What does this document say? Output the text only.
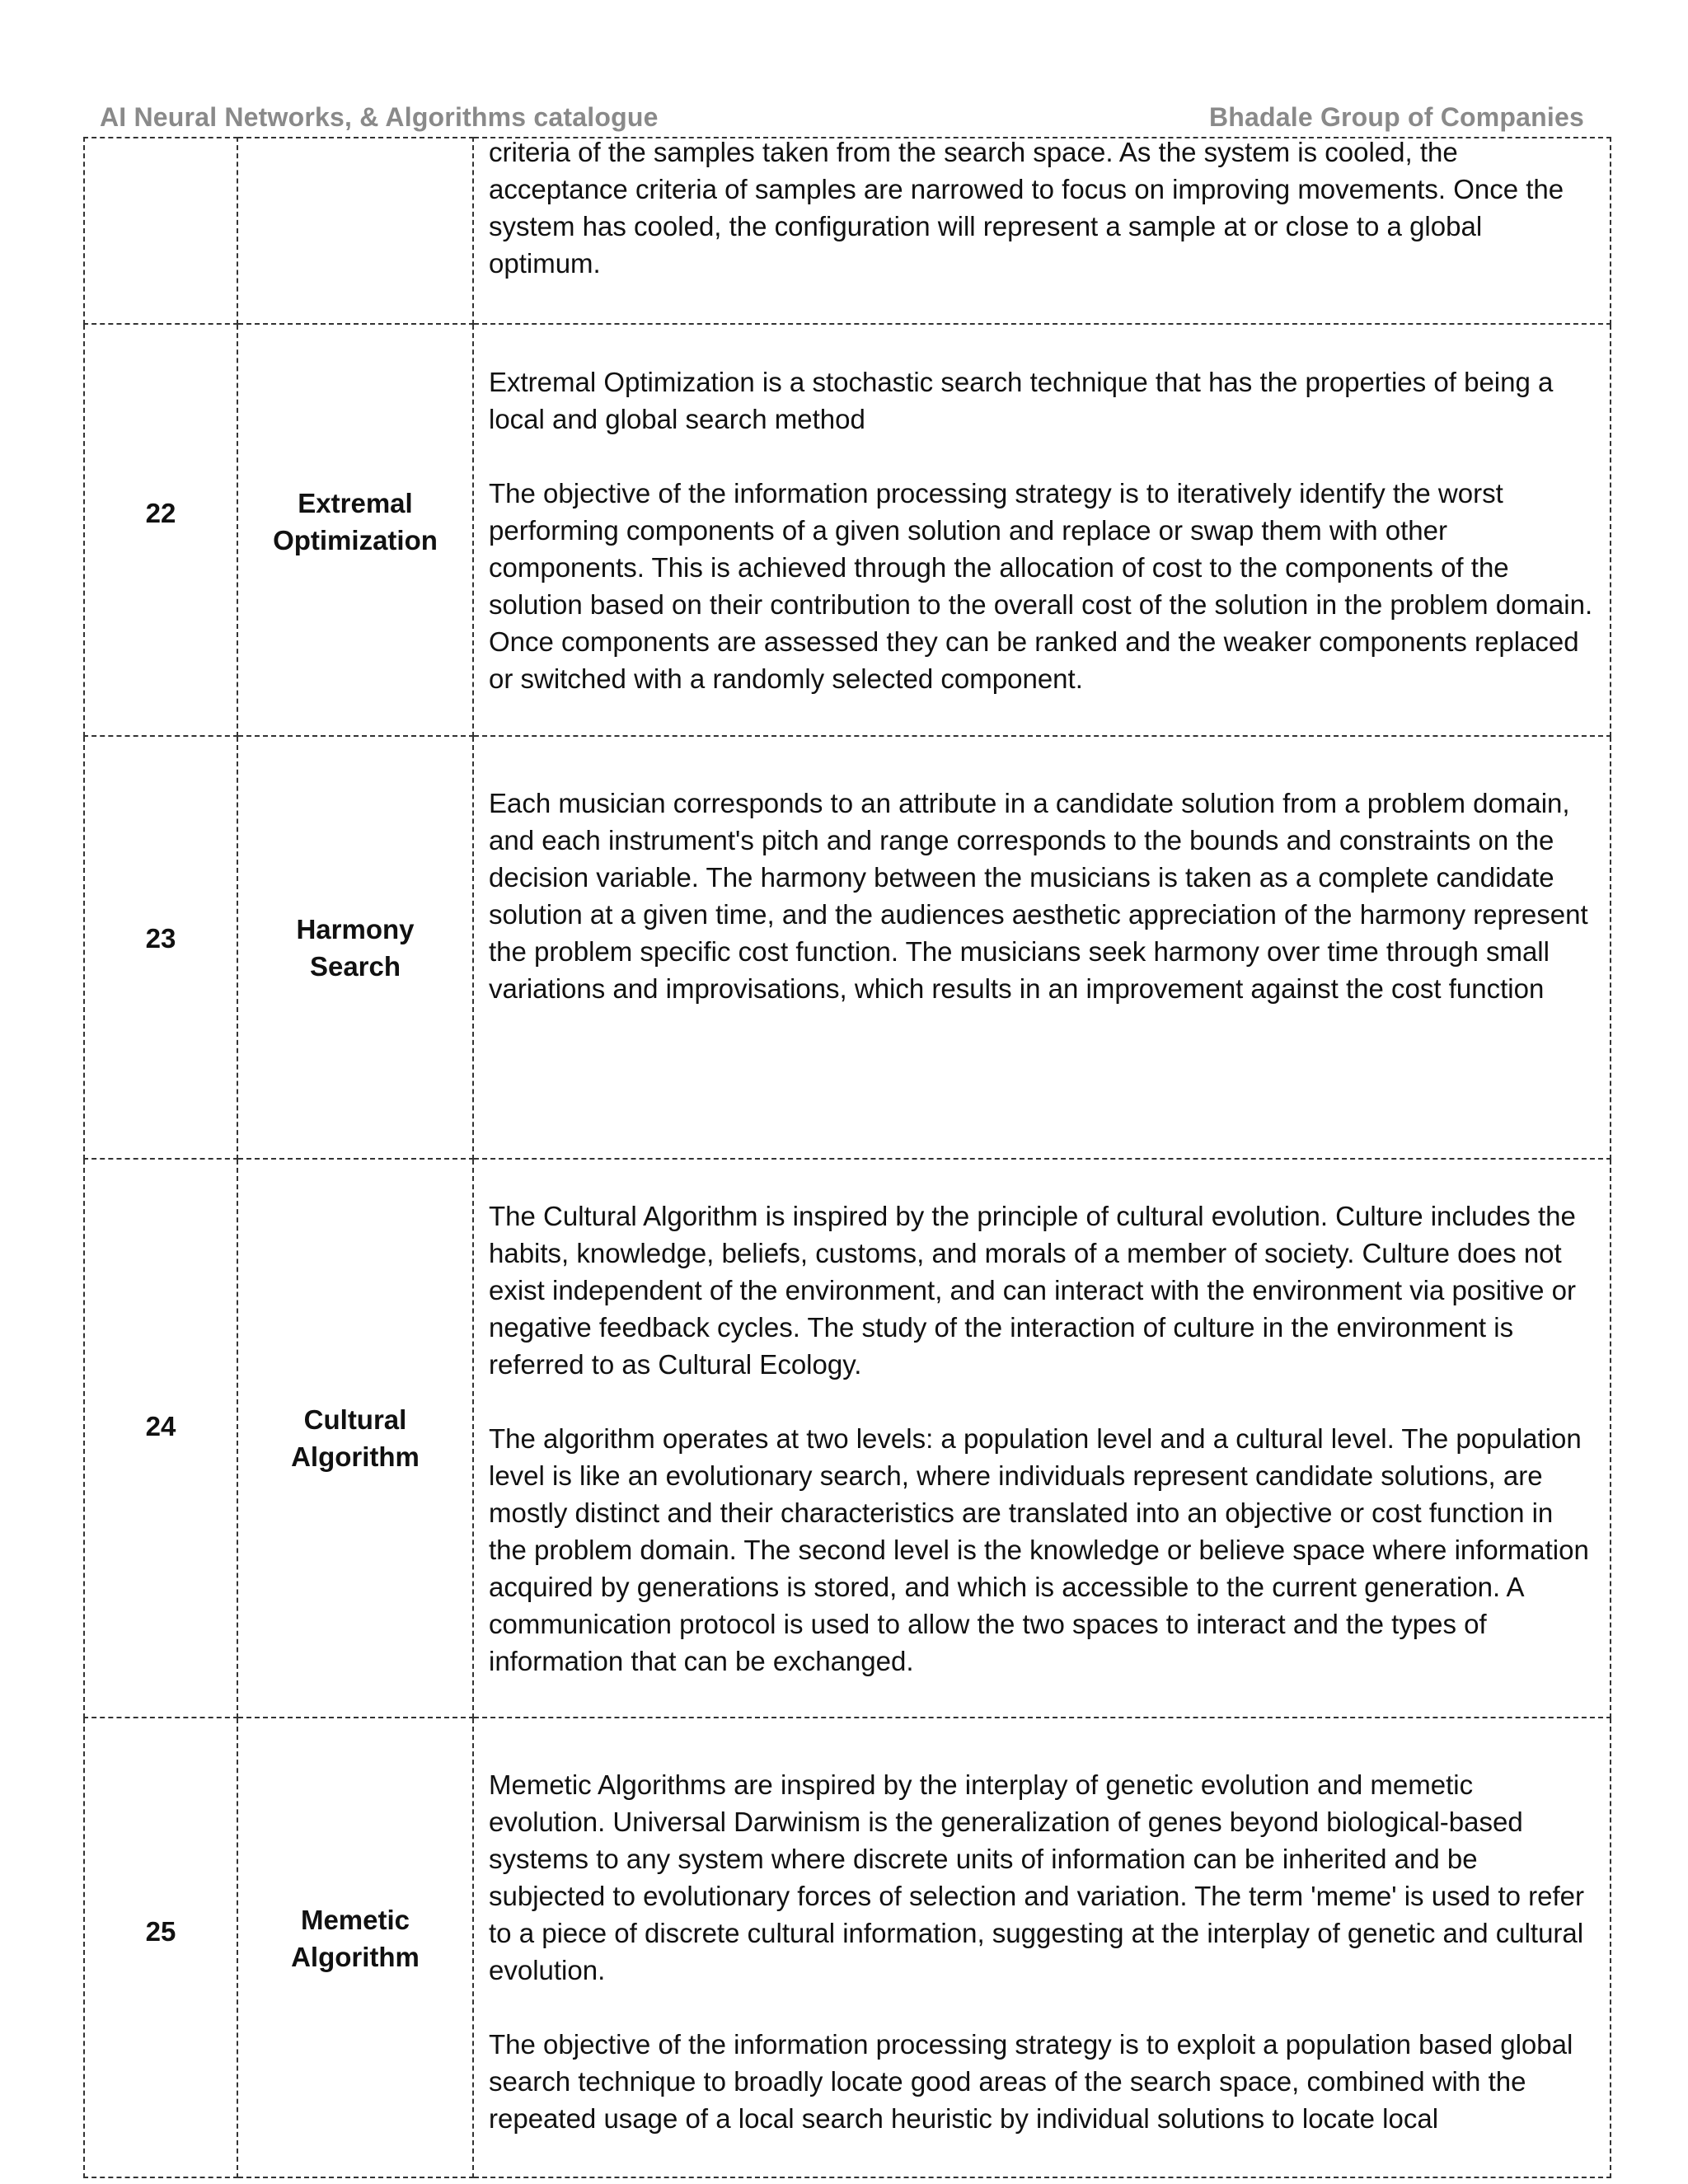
AI Neural Networks, & Algorithms catalogue	Bhadale Group of Companies

		criteria of the samples taken from the search space. As the system is cooled, the acceptance criteria of samples are narrowed to focus on improving movements. Once the system has cooled, the configuration will represent a sample at or close to a global optimum.

22	Extremal Optimization	Extremal Optimization is a stochastic search technique that has the properties of being a local and global search method

The objective of the information processing strategy is to iteratively identify the worst performing components of a given solution and replace or swap them with other components. This is achieved through the allocation of cost to the components of the solution based on their contribution to the overall cost of the solution in the problem domain. Once components are assessed they can be ranked and the weaker components replaced or switched with a randomly selected component.

23	Harmony Search	Each musician corresponds to an attribute in a candidate solution from a problem domain, and each instrument's pitch and range corresponds to the bounds and constraints on the decision variable. The harmony between the musicians is taken as a complete candidate solution at a given time, and the audiences aesthetic appreciation of the harmony represent the problem specific cost function. The musicians seek harmony over time through small variations and improvisations, which results in an improvement against the cost function

24	Cultural Algorithm	The Cultural Algorithm is inspired by the principle of cultural evolution. Culture includes the habits, knowledge, beliefs, customs, and morals of a member of society. Culture does not exist independent of the environment, and can interact with the environment via positive or negative feedback cycles. The study of the interaction of culture in the environment is referred to as Cultural Ecology.

The algorithm operates at two levels: a population level and a cultural level. The population level is like an evolutionary search, where individuals represent candidate solutions, are mostly distinct and their characteristics are translated into an objective or cost function in the problem domain. The second level is the knowledge or believe space where information acquired by generations is stored, and which is accessible to the current generation. A communication protocol is used to allow the two spaces to interact and the types of information that can be exchanged.

25	Memetic Algorithm	Memetic Algorithms are inspired by the interplay of genetic evolution and memetic evolution. Universal Darwinism is the generalization of genes beyond biological-based systems to any system where discrete units of information can be inherited and be subjected to evolutionary forces of selection and variation. The term 'meme' is used to refer to a piece of discrete cultural information, suggesting at the interplay of genetic and cultural evolution.

The objective of the information processing strategy is to exploit a population based global search technique to broadly locate good areas of the search space, combined with the repeated usage of a local search heuristic by individual solutions to locate local
